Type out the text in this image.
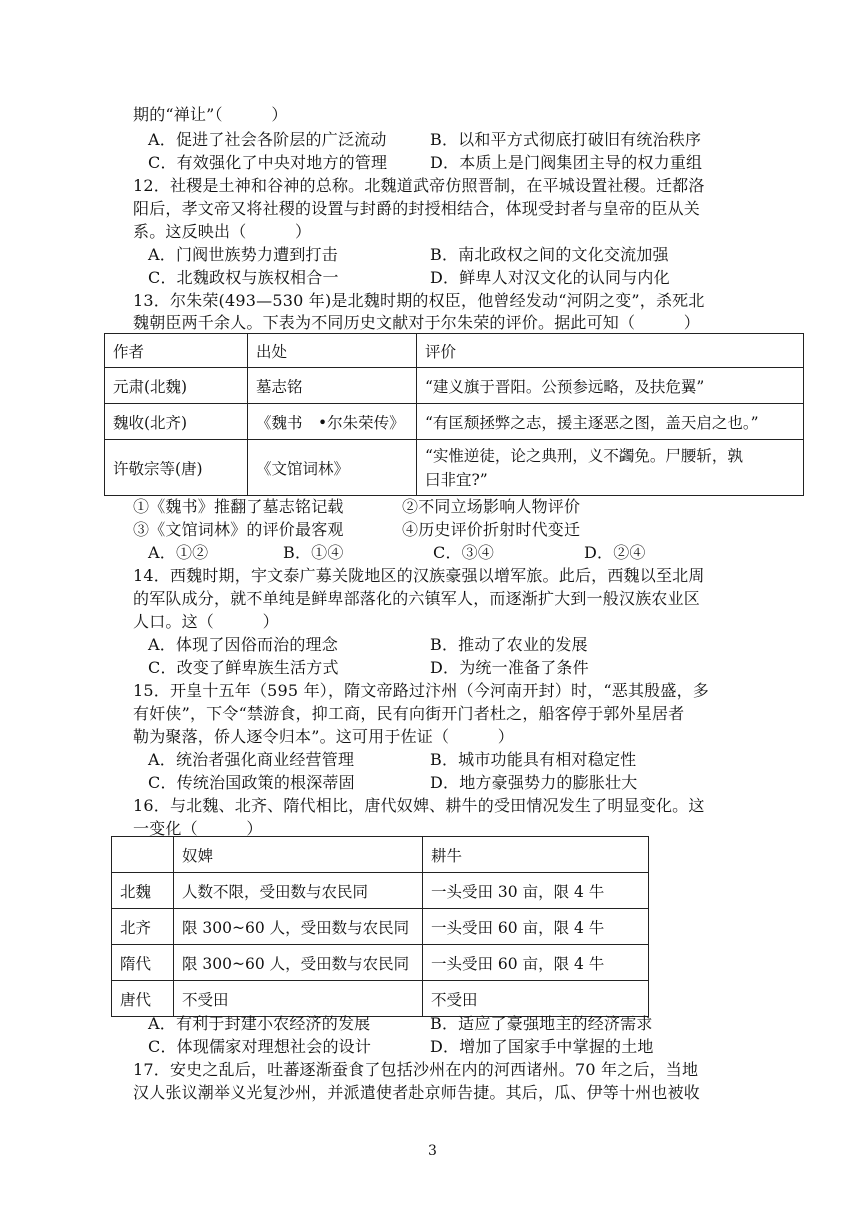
期的“禅让”（　　　）
A．促进了社会各阶层的广泛流动	B．以和平方式彻底打破旧有统治秩序
C．有效强化了中央对地方的管理	D．本质上是门阀集团主导的权力重组
12．社稷是土神和谷神的总称。北魏道武帝仿照晋制，在平城设置社稷。迁都洛
阳后，孝文帝又将社稷的设置与封爵的封授相结合，体现受封者与皇帝的臣从关
系。这反映出（　　　）
A．门阀世族势力遭到打击	B．南北政权之间的文化交流加强
C．北魏政权与族权相合一	D．鲜卑人对汉文化的认同与内化
13．尔朱荣(493—530 年)是北魏时期的权臣，他曾经发动“河阴之变”，杀死北
魏朝臣两千余人。下表为不同历史文献对于尔朱荣的评价。据此可知（　　　）
作者	出处	评价
元肃(北魏)	墓志铭	“建义旗于晋阳。公预参远略，及扶危翼”
魏收(北齐)	《魏书　•尔朱荣传》	“有匡颓拯弊之志，援主逐恶之图，盖天启之也。”
许敬宗等(唐)	《文馆词林》	“实惟逆徒，论之典刑，义不蠲免。尸腰斩，孰
曰非宜?”
①《魏书》推翻了墓志铭记载	②不同立场影响人物评价
③《文馆词林》的评价最客观	④历史评价折射时代变迁
A．①②	B．①④	C．③④	D．②④
14．西魏时期，宇文泰广募关陇地区的汉族豪强以增军旅。此后，西魏以至北周
的军队成分，就不单纯是鲜卑部落化的六镇军人，而逐渐扩大到一般汉族农业区
人口。这（　　　）
A．体现了因俗而治的理念	B．推动了农业的发展
C．改变了鲜卑族生活方式	D．为统一准备了条件
15．开皇十五年（595 年），隋文帝路过汴州（今河南开封）时，“恶其殷盛，多
有奸侠”，下令“禁游食，抑工商，民有向街开门者杜之，船客停于郭外星居者
勒为聚落，侨人逐令归本”。这可用于佐证（　　　）
A．统治者强化商业经营管理	B．城市功能具有相对稳定性
C．传统治国政策的根深蒂固	D．地方豪强势力的膨胀壮大
16．与北魏、北齐、隋代相比，唐代奴婢、耕牛的受田情况发生了明显变化。这
一变化（　　　）
	奴婢	耕牛
北魏	人数不限，受田数与农民同	一头受田 30 亩，限 4 牛
北齐	限 300~60 人，受田数与农民同	一头受田 60 亩，限 4 牛
隋代	限 300~60 人，受田数与农民同	一头受田 60 亩，限 4 牛
唐代	不受田	不受田
A．有利于封建小农经济的发展	B．适应了豪强地主的经济需求
C．体现儒家对理想社会的设计	D．增加了国家手中掌握的土地
17．安史之乱后，吐蕃逐渐蚕食了包括沙州在内的河西诸州。70 年之后，当地
汉人张议潮举义光复沙州，并派遣使者赴京师告捷。其后，瓜、伊等十州也被收
3
